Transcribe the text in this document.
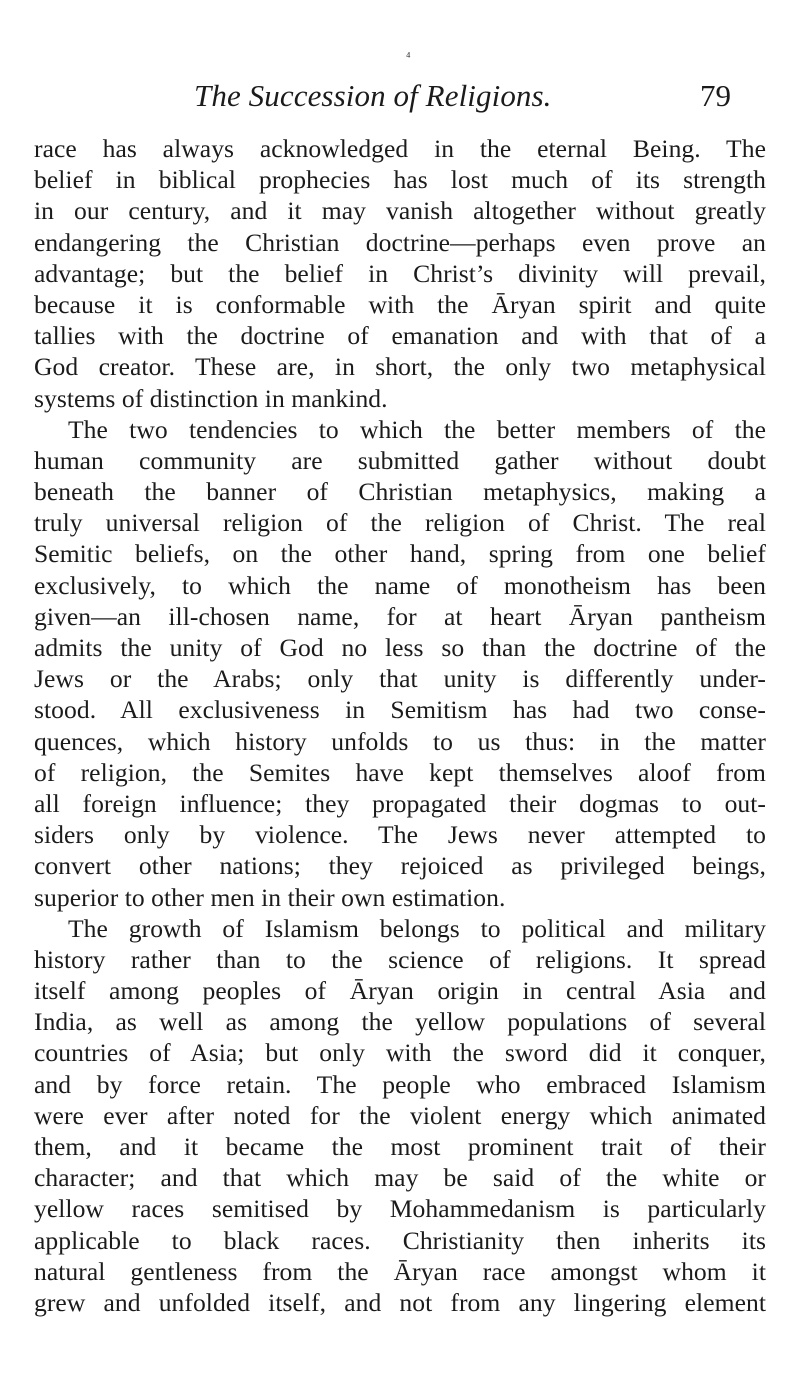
⁴
The Succession of Religions.	79
race has always acknowledged in the eternal Being. The
belief in biblical prophecies has lost much of its strength
in our century, and it may vanish altogether without greatly
endangering the Christian doctrine—perhaps even prove an
advantage; but the belief in Christ’s divinity will prevail,
because it is conformable with the Āryan spirit and quite
tallies with the doctrine of emanation and with that of a
God creator. These are, in short, the only two metaphysical
systems of distinction in mankind.
The two tendencies to which the better members of the
human community are submitted gather without doubt
beneath the banner of Christian metaphysics, making a
truly universal religion of the religion of Christ. The real
Semitic beliefs, on the other hand, spring from one belief
exclusively, to which the name of monotheism has been
given—an ill-chosen name, for at heart Āryan pantheism
admits the unity of God no less so than the doctrine of the
Jews or the Arabs; only that unity is differently under-
stood. All exclusiveness in Semitism has had two conse-
quences, which history unfolds to us thus: in the matter
of religion, the Semites have kept themselves aloof from
all foreign influence; they propagated their dogmas to out-
siders only by violence. The Jews never attempted to
convert other nations; they rejoiced as privileged beings,
superior to other men in their own estimation.
The growth of Islamism belongs to political and military
history rather than to the science of religions. It spread
itself among peoples of Āryan origin in central Asia and
India, as well as among the yellow populations of several
countries of Asia; but only with the sword did it conquer,
and by force retain. The people who embraced Islamism
were ever after noted for the violent energy which animated
them, and it became the most prominent trait of their
character; and that which may be said of the white or
yellow races semitised by Mohammedanism is particularly
applicable to black races. Christianity then inherits its
natural gentleness from the Āryan race amongst whom it
grew and unfolded itself, and not from any lingering element
